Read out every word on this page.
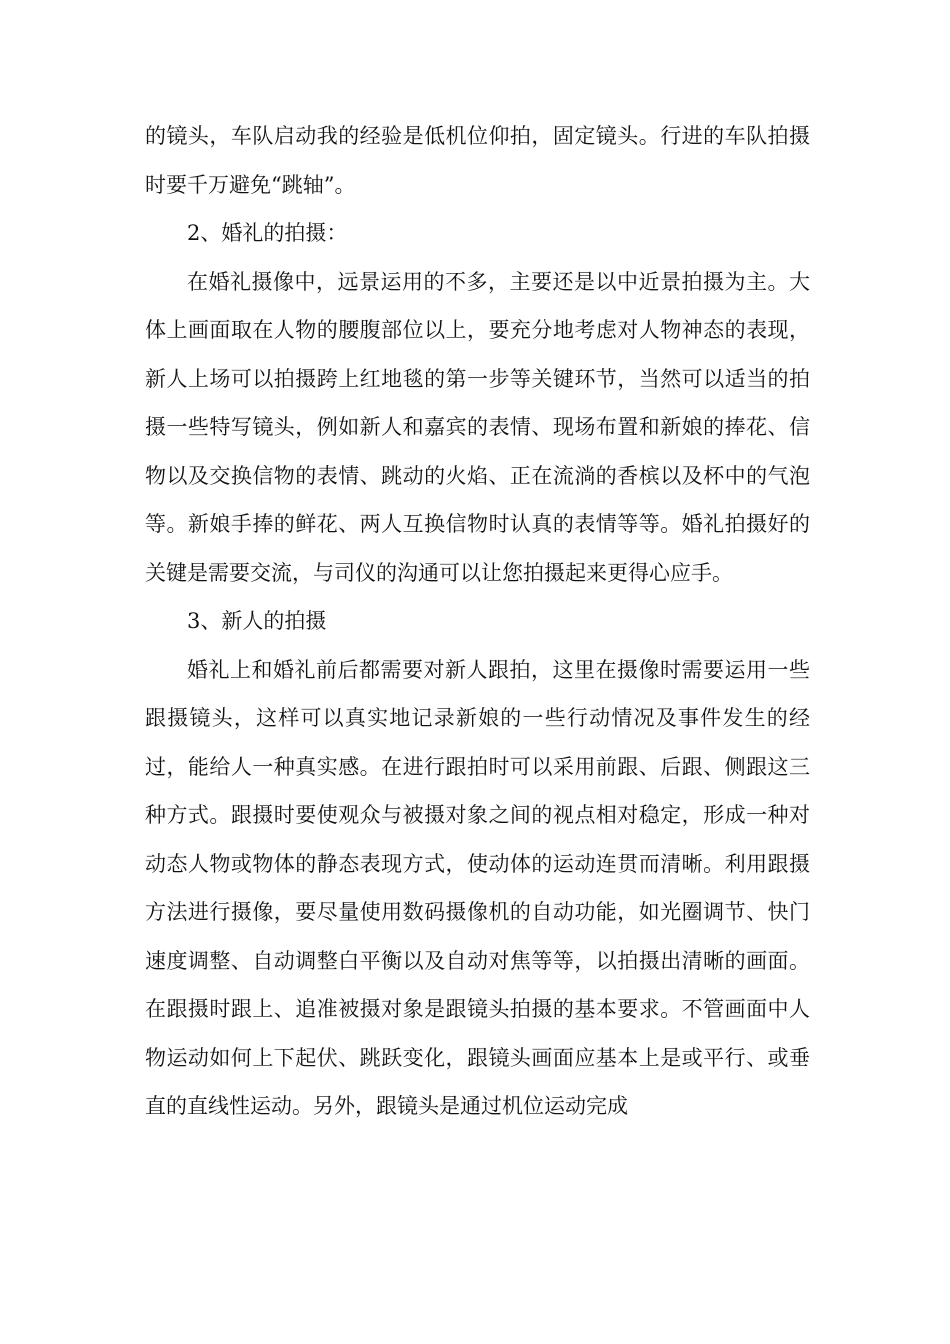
的镜头，车队启动我的经验是低机位仰拍，固定镜头。行进的车队拍摄时要千万避免“跳轴”。

2、婚礼的拍摄：

在婚礼摄像中，远景运用的不多，主要还是以中近景拍摄为主。大体上画面取在人物的腰腹部位以上，要充分地考虑对人物神态的表现，新人上场可以拍摄跨上红地毯的第一步等关键环节，当然可以适当的拍摄一些特写镜头，例如新人和嘉宾的表情、现场布置和新娘的捧花、信物以及交换信物的表情、跳动的火焰、正在流淌的香槟以及杯中的气泡等。新娘手捧的鲜花、两人互换信物时认真的表情等等。婚礼拍摄好的关键是需要交流，与司仪的沟通可以让您拍摄起来更得心应手。

3、新人的拍摄

婚礼上和婚礼前后都需要对新人跟拍，这里在摄像时需要运用一些跟摄镜头，这样可以真实地记录新娘的一些行动情况及事件发生的经过，能给人一种真实感。在进行跟拍时可以采用前跟、后跟、侧跟这三种方式。跟摄时要使观众与被摄对象之间的视点相对稳定，形成一种对动态人物或物体的静态表现方式，使动体的运动连贯而清晰。利用跟摄方法进行摄像，要尽量使用数码摄像机的自动功能，如光圈调节、快门速度调整、自动调整白平衡以及自动对焦等等，以拍摄出清晰的画面。在跟摄时跟上、追准被摄对象是跟镜头拍摄的基本要求。不管画面中人物运动如何上下起伏、跳跃变化，跟镜头画面应基本上是或平行、或垂直的直线性运动。另外，跟镜头是通过机位运动完成
